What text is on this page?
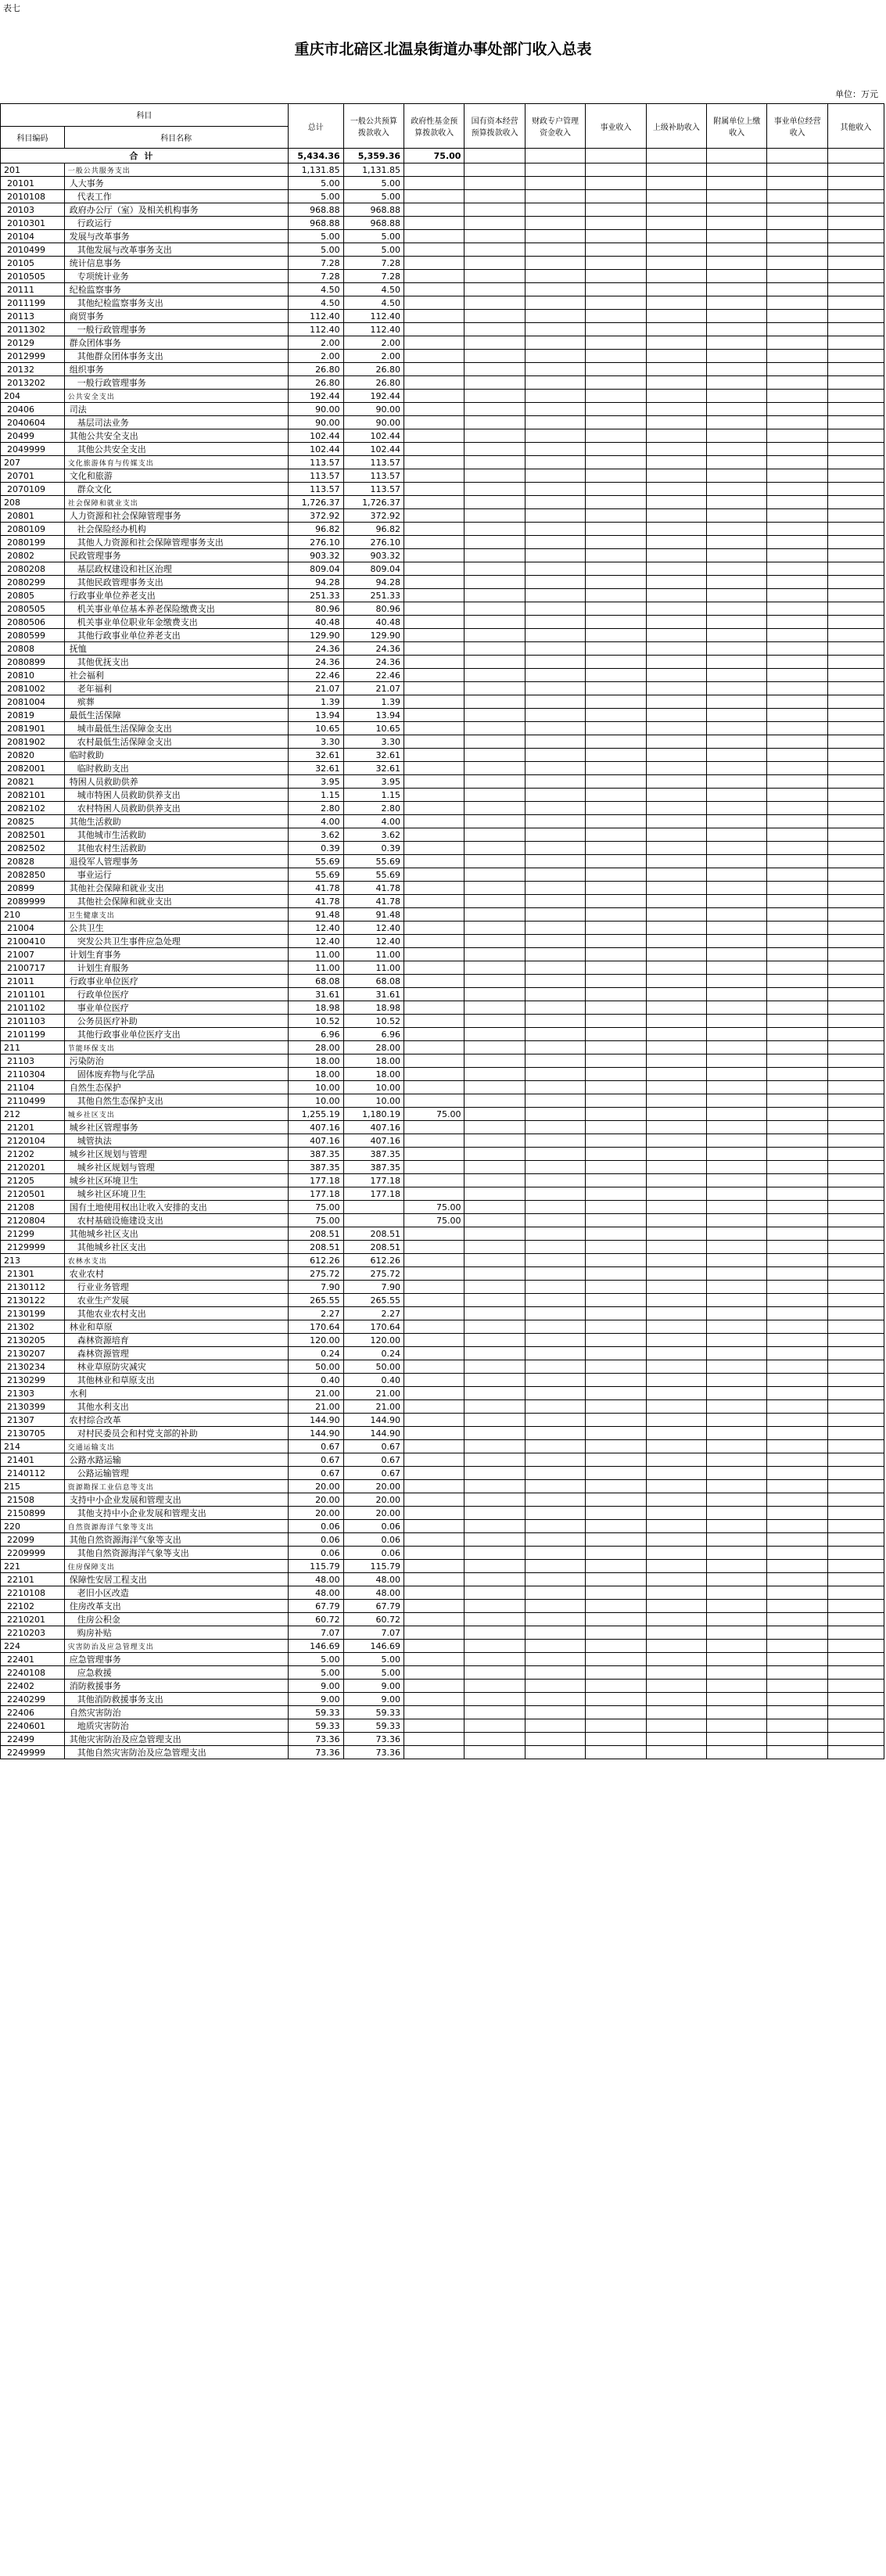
表七
重庆市北碚区北温泉街道办事处部门收入总表
单位：万元
科目		总计	一般公共预算拨款收入	政府性基金预算拨款收入	国有资本经营预算拨款收入	财政专户管理资金收入	事业收入	上级补助收入	附属单位上缴收入	事业单位经营收入	其他收入
科目编码	科目名称										
合计		5,434.36	5,359.36	75.00							
201	一般公共服务支出	1,131.85	1,131.85								
20101	人大事务	5.00	5.00								
2010108	代表工作	5.00	5.00								
20103	政府办公厅（室）及相关机构事务	968.88	968.88								
2010301	行政运行	968.88	968.88								
20104	发展与改革事务	5.00	5.00								
2010499	其他发展与改革事务支出	5.00	5.00								
20105	统计信息事务	7.28	7.28								
2010505	专项统计业务	7.28	7.28								
20111	纪检监察事务	4.50	4.50								
2011199	其他纪检监察事务支出	4.50	4.50								
20113	商贸事务	112.40	112.40								
2011302	一般行政管理事务	112.40	112.40								
20129	群众团体事务	2.00	2.00								
2012999	其他群众团体事务支出	2.00	2.00								
20132	组织事务	26.80	26.80								
2013202	一般行政管理事务	26.80	26.80								
204	公共安全支出	192.44	192.44								
20406	司法	90.00	90.00								
2040604	基层司法业务	90.00	90.00								
20499	其他公共安全支出	102.44	102.44								
2049999	其他公共安全支出	102.44	102.44								
207	文化旅游体育与传媒支出	113.57	113.57								
20701	文化和旅游	113.57	113.57								
2070109	群众文化	113.57	113.57								
208	社会保障和就业支出	1,726.37	1,726.37								
20801	人力资源和社会保障管理事务	372.92	372.92								
2080109	社会保险经办机构	96.82	96.82								
2080199	其他人力资源和社会保障管理事务支出	276.10	276.10								
20802	民政管理事务	903.32	903.32								
2080208	基层政权建设和社区治理	809.04	809.04								
2080299	其他民政管理事务支出	94.28	94.28								
20805	行政事业单位养老支出	251.33	251.33								
2080505	机关事业单位基本养老保险缴费支出	80.96	80.96								
2080506	机关事业单位职业年金缴费支出	40.48	40.48								
2080599	其他行政事业单位养老支出	129.90	129.90								
20808	抚恤	24.36	24.36								
2080899	其他优抚支出	24.36	24.36								
20810	社会福利	22.46	22.46								
2081002	老年福利	21.07	21.07								
2081004	殡葬	1.39	1.39								
20819	最低生活保障	13.94	13.94								
2081901	城市最低生活保障金支出	10.65	10.65								
2081902	农村最低生活保障金支出	3.30	3.30								
20820	临时救助	32.61	32.61								
2082001	临时救助支出	32.61	32.61								
20821	特困人员救助供养	3.95	3.95								
2082101	城市特困人员救助供养支出	1.15	1.15								
2082102	农村特困人员救助供养支出	2.80	2.80								
20825	其他生活救助	4.00	4.00								
2082501	其他城市生活救助	3.62	3.62								
2082502	其他农村生活救助	0.39	0.39								
20828	退役军人管理事务	55.69	55.69								
2082850	事业运行	55.69	55.69								
20899	其他社会保障和就业支出	41.78	41.78								
2089999	其他社会保障和就业支出	41.78	41.78								
210	卫生健康支出	91.48	91.48								
21004	公共卫生	12.40	12.40								
2100410	突发公共卫生事件应急处理	12.40	12.40								
21007	计划生育事务	11.00	11.00								
2100717	计划生育服务	11.00	11.00								
21011	行政事业单位医疗	68.08	68.08								
2101101	行政单位医疗	31.61	31.61								
2101102	事业单位医疗	18.98	18.98								
2101103	公务员医疗补助	10.52	10.52								
2101199	其他行政事业单位医疗支出	6.96	6.96								
211	节能环保支出	28.00	28.00								
21103	污染防治	18.00	18.00								
2110304	固体废弃物与化学品	18.00	18.00								
21104	自然生态保护	10.00	10.00								
2110499	其他自然生态保护支出	10.00	10.00								
212	城乡社区支出	1,255.19	1,180.19	75.00							
21201	城乡社区管理事务	407.16	407.16								
2120104	城管执法	407.16	407.16								
21202	城乡社区规划与管理	387.35	387.35								
2120201	城乡社区规划与管理	387.35	387.35								
21205	城乡社区环境卫生	177.18	177.18								
2120501	城乡社区环境卫生	177.18	177.18								
21208	国有土地使用权出让收入安排的支出	75.00		75.00							
2120804	农村基础设施建设支出	75.00		75.00							
21299	其他城乡社区支出	208.51	208.51								
2129999	其他城乡社区支出	208.51	208.51								
213	农林水支出	612.26	612.26								
21301	农业农村	275.72	275.72								
2130112	行业业务管理	7.90	7.90								
2130122	农业生产发展	265.55	265.55								
2130199	其他农业农村支出	2.27	2.27								
21302	林业和草原	170.64	170.64								
2130205	森林资源培育	120.00	120.00								
2130207	森林资源管理	0.24	0.24								
2130234	林业草原防灾减灾	50.00	50.00								
2130299	其他林业和草原支出	0.40	0.40								
21303	水利	21.00	21.00								
2130399	其他水利支出	21.00	21.00								
21307	农村综合改革	144.90	144.90								
2130705	对村民委员会和村党支部的补助	144.90	144.90								
214	交通运输支出	0.67	0.67								
21401	公路水路运输	0.67	0.67								
2140112	公路运输管理	0.67	0.67								
215	资源勘探工业信息等支出	20.00	20.00								
21508	支持中小企业发展和管理支出	20.00	20.00								
2150899	其他支持中小企业发展和管理支出	20.00	20.00								
220	自然资源海洋气象等支出	0.06	0.06								
22099	其他自然资源海洋气象等支出	0.06	0.06								
2209999	其他自然资源海洋气象等支出	0.06	0.06								
221	住房保障支出	115.79	115.79								
22101	保障性安居工程支出	48.00	48.00								
2210108	老旧小区改造	48.00	48.00								
22102	住房改革支出	67.79	67.79								
2210201	住房公积金	60.72	60.72								
2210203	购房补贴	7.07	7.07								
224	灾害防治及应急管理支出	146.69	146.69								
22401	应急管理事务	5.00	5.00								
2240108	应急救援	5.00	5.00								
22402	消防救援事务	9.00	9.00								
2240299	其他消防救援事务支出	9.00	9.00								
22406	自然灾害防治	59.33	59.33								
2240601	地质灾害防治	59.33	59.33								
22499	其他灾害防治及应急管理支出	73.36	73.36								
2249999	其他自然灾害防治及应急管理支出	73.36	73.36								
